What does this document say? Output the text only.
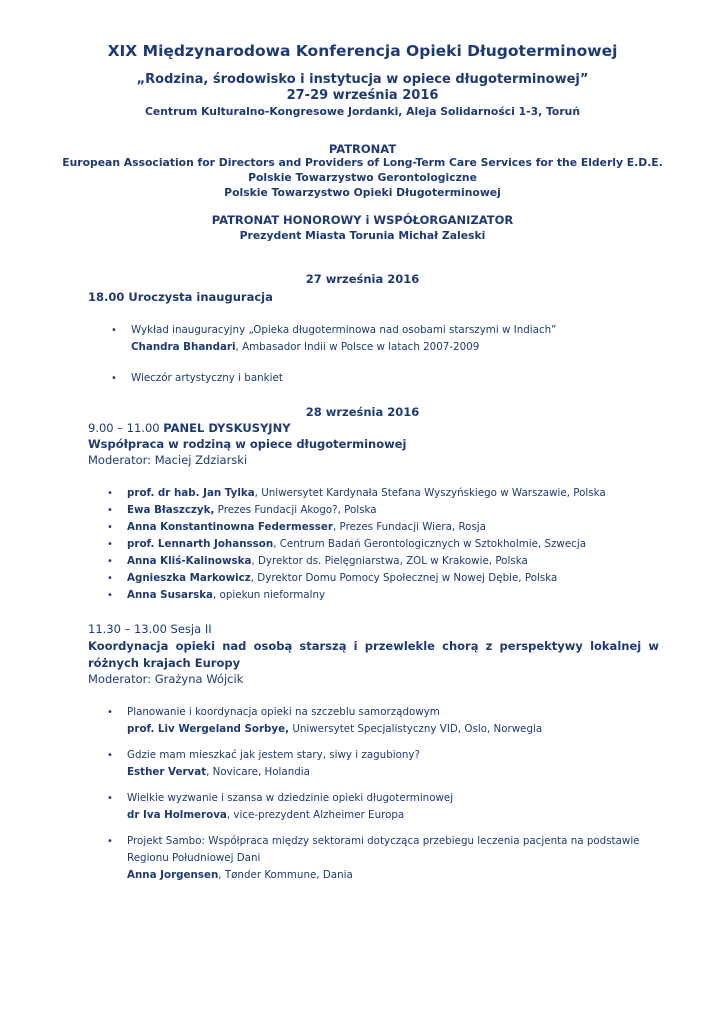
XIX Międzynarodowa Konferencja Opieki Długoterminowej
„Rodzina, środowisko i instytucja w opiece długoterminowej”
27-29 września 2016
Centrum Kulturalno-Kongresowe Jordanki, Aleja Solidarności 1-3, Toruń
PATRONAT
European Association for Directors and Providers of Long-Term Care Services for the Elderly E.D.E.
Polskie Towarzystwo Gerontologiczne
Polskie Towarzystwo Opieki Długoterminowej
PATRONAT HONOROWY i WSPÓŁORGANIZATOR
Prezydent Miasta Torunia Michał Zaleski
27 września 2016
18.00 Uroczysta inauguracja
• Wykład inauguracyjny „Opieka długoterminowa nad osobami starszymi w Indiach”
Chandra Bhandari, Ambasador Indii w Polsce w latach 2007-2009
• Wieczór artystyczny i bankiet
28 września 2016
9.00 – 11.00 PANEL DYSKUSYJNY
Współpraca w rodziną w opiece długoterminowej
Moderator: Maciej Zdziarski
• prof. dr hab. Jan Tylka, Uniwersytet Kardynała Stefana Wyszyńskiego w Warszawie, Polska
• Ewa Błaszczyk, Prezes Fundacji Akogo?, Polska
• Anna Konstantinowna Federmesser, Prezes Fundacji Wiera, Rosja
• prof. Lennarth Johansson, Centrum Badań Gerontologicznych w Sztokholmie, Szwecja
• Anna Kliś-Kalinowska, Dyrektor ds. Pielęgniarstwa, ZOL w Krakowie, Polska
• Agnieszka Markowicz, Dyrektor Domu Pomocy Społecznej w Nowej Dębie, Polska
• Anna Susarska, opiekun nieformalny
11.30 – 13.00 Sesja II
Koordynacja opieki nad osobą starszą i przewlekle chorą z perspektywy lokalnej w różnych krajach Europy
Moderator: Grażyna Wójcik
• Planowanie i koordynacja opieki na szczeblu samorządowym
prof. Liv Wergeland Sorbye, Uniwersytet Specjalistyczny VID, Oslo, Norwegia
• Gdzie mam mieszkać jak jestem stary, siwy i zagubiony?
Esther Vervat, Novicare, Holandia
• Wielkie wyzwanie i szansa w dziedzinie opieki długoterminowej
dr Iva Holmerova, vice-prezydent Alzheimer Europa
• Projekt Sambo: Współpraca między sektorami dotycząca przebiegu leczenia pacjenta na podstawie Regionu Południowej Dani
Anna Jorgensen, Tønder Kommune, Dania
